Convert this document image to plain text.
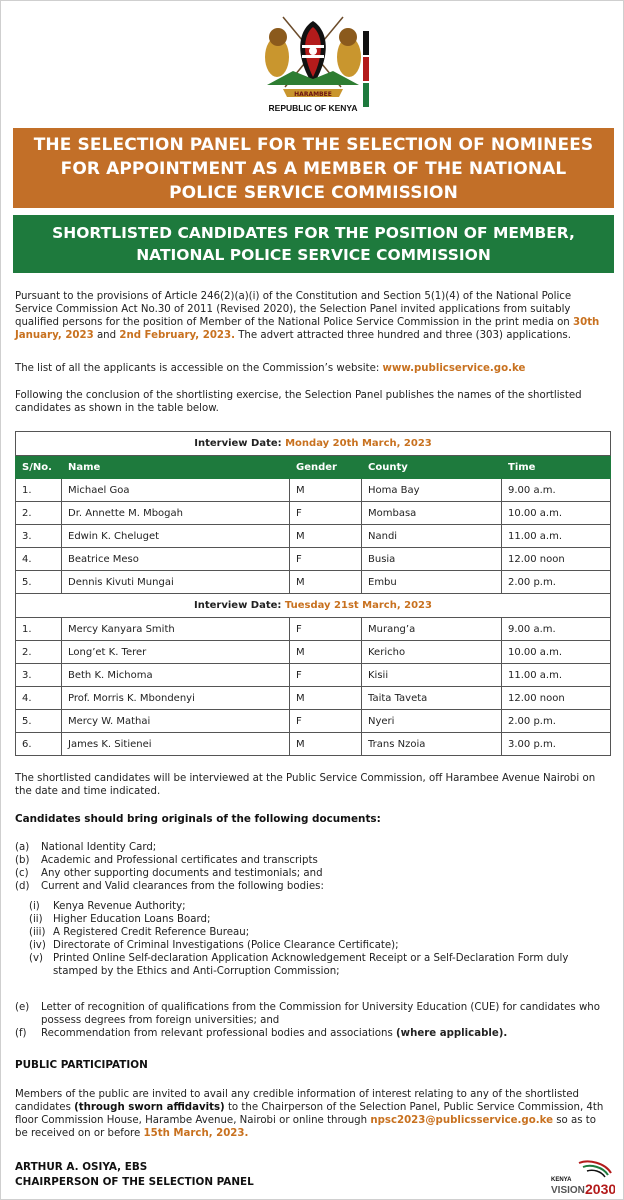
HARAMBEE
REPUBLIC OF KENYA
THE SELECTION PANEL FOR THE SELECTION OF NOMINEES
FOR APPOINTMENT AS A MEMBER OF THE NATIONAL
POLICE SERVICE COMMISSION
SHORTLISTED CANDIDATES FOR THE POSITION OF MEMBER,
NATIONAL POLICE SERVICE COMMISSION

Pursuant to the provisions of Article 246(2)(a)(i) of the Constitution and Section 5(1)(4) of the National Police Service Commission Act No.30 of 2011 (Revised 2020), the Selection Panel invited applications from suitably qualified persons for the position of Member of the National Police Service Commission in the print media on 30th January, 2023 and 2nd February, 2023. The advert attracted three hundred and three (303) applications.

The list of all the applicants is accessible on the Commission’s website: www.publicservice.go.ke

Following the conclusion of the shortlisting exercise, the Selection Panel publishes the names of the shortlisted candidates as shown in the table below.

Interview Date: Monday 20th March, 2023				
S/No.	Name	Gender	County	Time
1.	Michael Goa	M	Homa Bay	9.00 a.m.
2.	Dr. Annette M. Mbogah	F	Mombasa	10.00 a.m.
3.	Edwin K. Cheluget	M	Nandi	11.00 a.m.
4.	Beatrice Meso	F	Busia	12.00 noon
5.	Dennis Kivuti Mungai	M	Embu	2.00 p.m.
Interview Date: Tuesday 21st March, 2023				
1.	Mercy Kanyara Smith	F	Murang’a	9.00 a.m.
2.	Long’et K. Terer	M	Kericho	10.00 a.m.
3.	Beth K. Michoma	F	Kisii	11.00 a.m.
4.	Prof. Morris K. Mbondenyi	M	Taita Taveta	12.00 noon
5.	Mercy W. Mathai	F	Nyeri	2.00 p.m.
6.	James K. Sitienei	M	Trans Nzoia	3.00 p.m.

The shortlisted candidates will be interviewed at the Public Service Commission, off Harambee Avenue Nairobi on the date and time indicated.

Candidates should bring originals of the following documents:
(a)	National Identity Card;
(b)	Academic and Professional certificates and transcripts
(c)	Any other supporting documents and testimonials; and
(d)	Current and Valid clearances from the following bodies:
(i)	Kenya Revenue Authority;
(ii)	Higher Education Loans Board;
(iii) A Registered Credit Reference Bureau;
(iv) Directorate of Criminal Investigations (Police Clearance Certificate);
(v) Printed Online Self-declaration Application Acknowledgement Receipt or a Self-Declaration Form duly stamped by the Ethics and Anti-Corruption Commission;
(e)	Letter of recognition of qualifications from the Commission for University Education (CUE) for candidates who possess degrees from foreign universities; and
(f)	Recommendation from relevant professional bodies and associations (where applicable).
PUBLIC PARTICIPATION

Members of the public are invited to avail any credible information of interest relating to any of the shortlisted candidates (through sworn affidavits) to the Chairperson of the Selection Panel, Public Service Commission, 4th floor Commission House, Harambe Avenue, Nairobi or online through npsc2023@publicsservice.go.ke so as to be received on or before 15th March, 2023.

ARTHUR A. OSIYA, EBS
CHAIRPERSON OF THE SELECTION PANEL	KENYA
VISION 2030
